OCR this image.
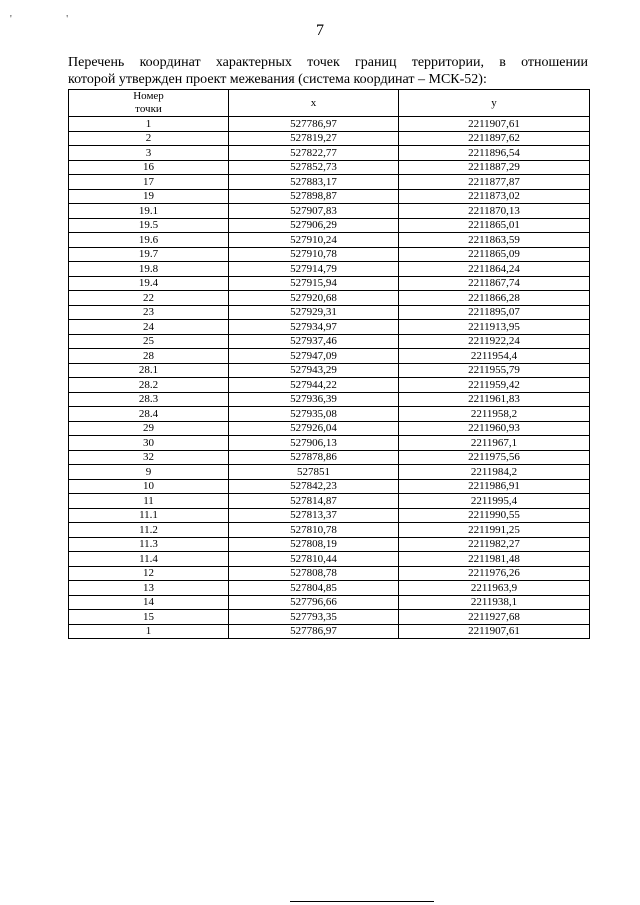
' '
7
Перечень координат характерных точек границ территории, в отношении
которой утвержден проект межевания (система координат – МСК-52):
Номер
точки	x	y
1	527786,97	2211907,61
2	527819,27	2211897,62
3	527822,77	2211896,54
16	527852,73	2211887,29
17	527883,17	2211877,87
19	527898,87	2211873,02
19.1	527907,83	2211870,13
19.5	527906,29	2211865,01
19.6	527910,24	2211863,59
19.7	527910,78	2211865,09
19.8	527914,79	2211864,24
19.4	527915,94	2211867,74
22	527920,68	2211866,28
23	527929,31	2211895,07
24	527934,97	2211913,95
25	527937,46	2211922,24
28	527947,09	2211954,4
28.1	527943,29	2211955,79
28.2	527944,22	2211959,42
28.3	527936,39	2211961,83
28.4	527935,08	2211958,2
29	527926,04	2211960,93
30	527906,13	2211967,1
32	527878,86	2211975,56
9	527851	2211984,2
10	527842,23	2211986,91
11	527814,87	2211995,4
11.1	527813,37	2211990,55
11.2	527810,78	2211991,25
11.3	527808,19	2211982,27
11.4	527810,44	2211981,48
12	527808,78	2211976,26
13	527804,85	2211963,9
14	527796,66	2211938,1
15	527793,35	2211927,68
1	527786,97	2211907,61
